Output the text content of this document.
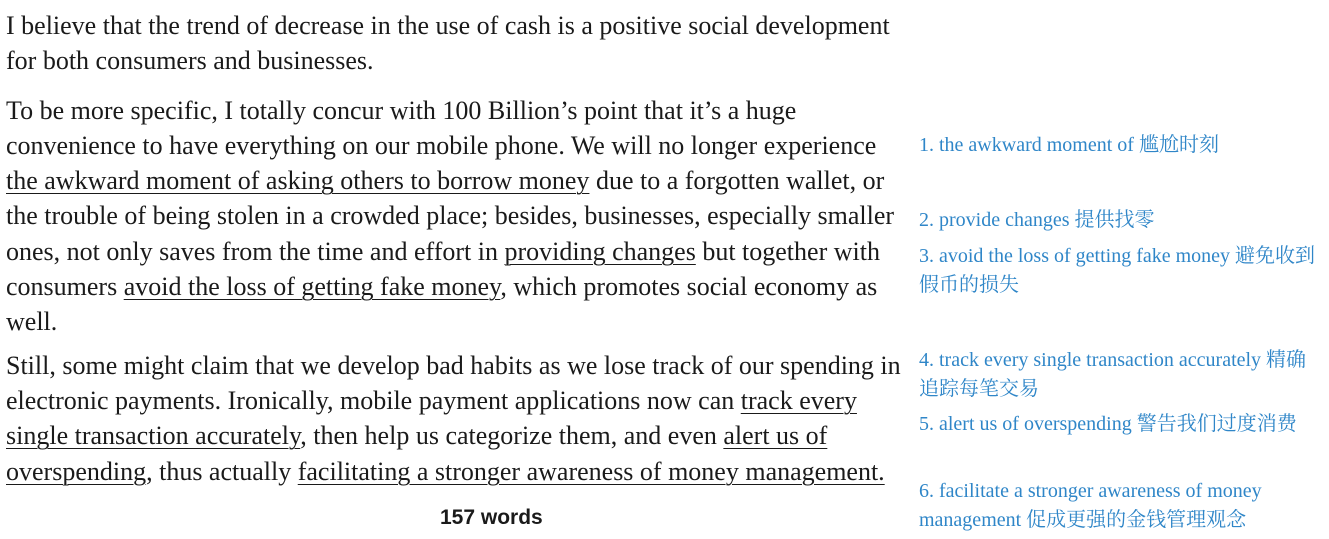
I believe that the trend of decrease in the use of cash is a positive social development for both consumers and businesses.

To be more specific, I totally concur with 100 Billion’s point that it’s a huge convenience to have everything on our mobile phone. We will no longer experience the awkward moment of asking others to borrow money due to a forgotten wallet, or the trouble of being stolen in a crowded place; besides, businesses, especially smaller ones, not only saves from the time and effort in providing changes but together with consumers avoid the loss of getting fake money, which promotes social economy as well.

Still, some might claim that we develop bad habits as we lose track of our spending in electronic payments. Ironically, mobile payment applications now can track every single transaction accurately, then help us categorize them, and even alert us of overspending, thus actually facilitating a stronger awareness of money management.

157 words
1. the awkward moment of 尴尬时刻
2. provide changes 提供找零
3. avoid the loss of getting fake money 避免收到假币的损失
4. track every single transaction accurately 精确追踪每笔交易
5. alert us of overspending 警告我们过度消费
6. facilitate a stronger awareness of money management 促成更强的金钱管理观念
